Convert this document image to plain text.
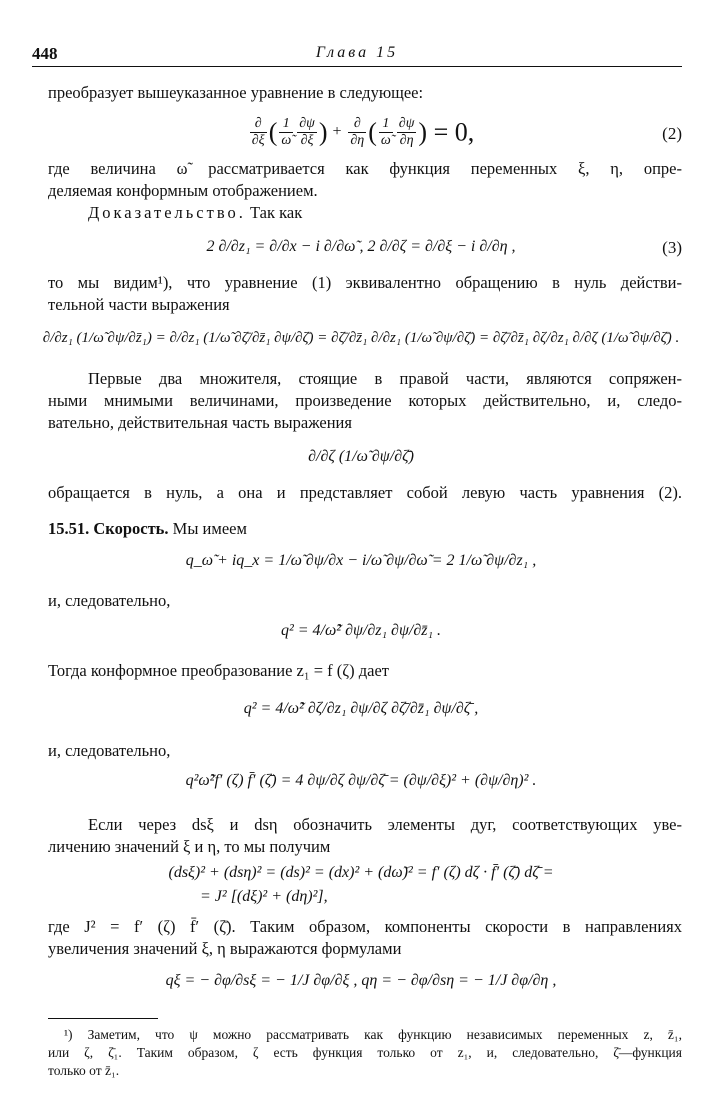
448	Глава 15
преобразует вышеуказанное уравнение в следующее:
$\frac{\partial}{\partial\xi}$ ( $\frac{1}{\omegã} \frac{\partial\psi}{\partial\xi}$ ) + $\frac{\partial}{\partial\eta}$ ( $\frac{1}{\omegã} \frac{\partial\psi}{\partial\eta}$ ) = 0,	(2)
где величина ω̃ рассматривается как функция переменных ξ, η, опре-
деляемая конформным отображением.
Доказательство. Так как
2 ∂/∂z₁ = ∂/∂x − i ∂/∂ω̃ , 2 ∂/∂ζ = ∂/∂ξ − i ∂/∂η ,	(3)
то мы видим¹), что уравнение (1) эквивалентно обращению в нуль действи-
тельной части выражения
∂/∂z₁ (1/ω̃ ∂ψ/∂z̄₁) = ∂/∂z₁ (1/ω̃ ∂ζ̄/∂z̄₁ ∂ψ/∂ζ̄) = ∂ζ̄/∂z̄₁ ∂/∂z₁ (1/ω̃ ∂ψ/∂ζ̄) = ∂ζ̄/∂z̄₁ ∂ζ/∂z₁ ∂/∂ζ (1/ω̃ ∂ψ/∂ζ̄) .
Первые два множителя, стоящие в правой части, являются сопряжен-
ными мнимыми величинами, произведение которых действительно, и, следо-
вательно, действительная часть выражения
∂/∂ζ (1/ω̃ ∂ψ/∂ζ̄)
обращается в нуль, а она и представляет собой левую часть уравнения (2).
15.51. Скорость. Мы имеем
q_ω̃ + iq_x = 1/ω̃ ∂ψ/∂x − i/ω̃ ∂ψ/∂ω̃ = 2 1/ω̃ ∂ψ/∂z₁ ,
и, следовательно,
q² = 4/ω̃² ∂ψ/∂z₁ ∂ψ/∂z̄₁ .
Тогда конформное преобразование z₁ = f (ζ) дает
q² = 4/ω̃² ∂ζ/∂z₁ ∂ψ/∂ζ ∂ζ̄/∂z̄₁ ∂ψ/∂ζ̄ ,
и, следовательно,
q²ω̃²f′ (ζ) f̄′ (ζ̄) = 4 ∂ψ/∂ζ ∂ψ/∂ζ̄ = (∂ψ/∂ξ)² + (∂ψ/∂η)² .
Если через dsξ и dsη обозначить элементы дуг, соответствующих уве-
личению значений ξ и η, то мы получим
(dsξ)² + (dsη)² = (ds)² = (dx)² + (dω̃)² = f′ (ζ) dζ · f̄′ (ζ̄) dζ̄ =
= J² [(dξ)² + (dη)²],
где J² = f′ (ζ) f̄′ (ζ̄). Таким образом, компоненты скорости в направлениях
увеличения значений ξ, η выражаются формулами
qξ = − ∂φ/∂sξ = − 1/J ∂φ/∂ξ , qη = − ∂φ/∂sη = − 1/J ∂φ/∂η ,
¹) Заметим, что ψ можно рассматривать как функцию независимых переменных z, z̄₁,
или ζ, ζ̄₁. Таким образом, ζ есть функция только от z₁, и, следовательно, ζ̄—функция
только от z̄₁.
